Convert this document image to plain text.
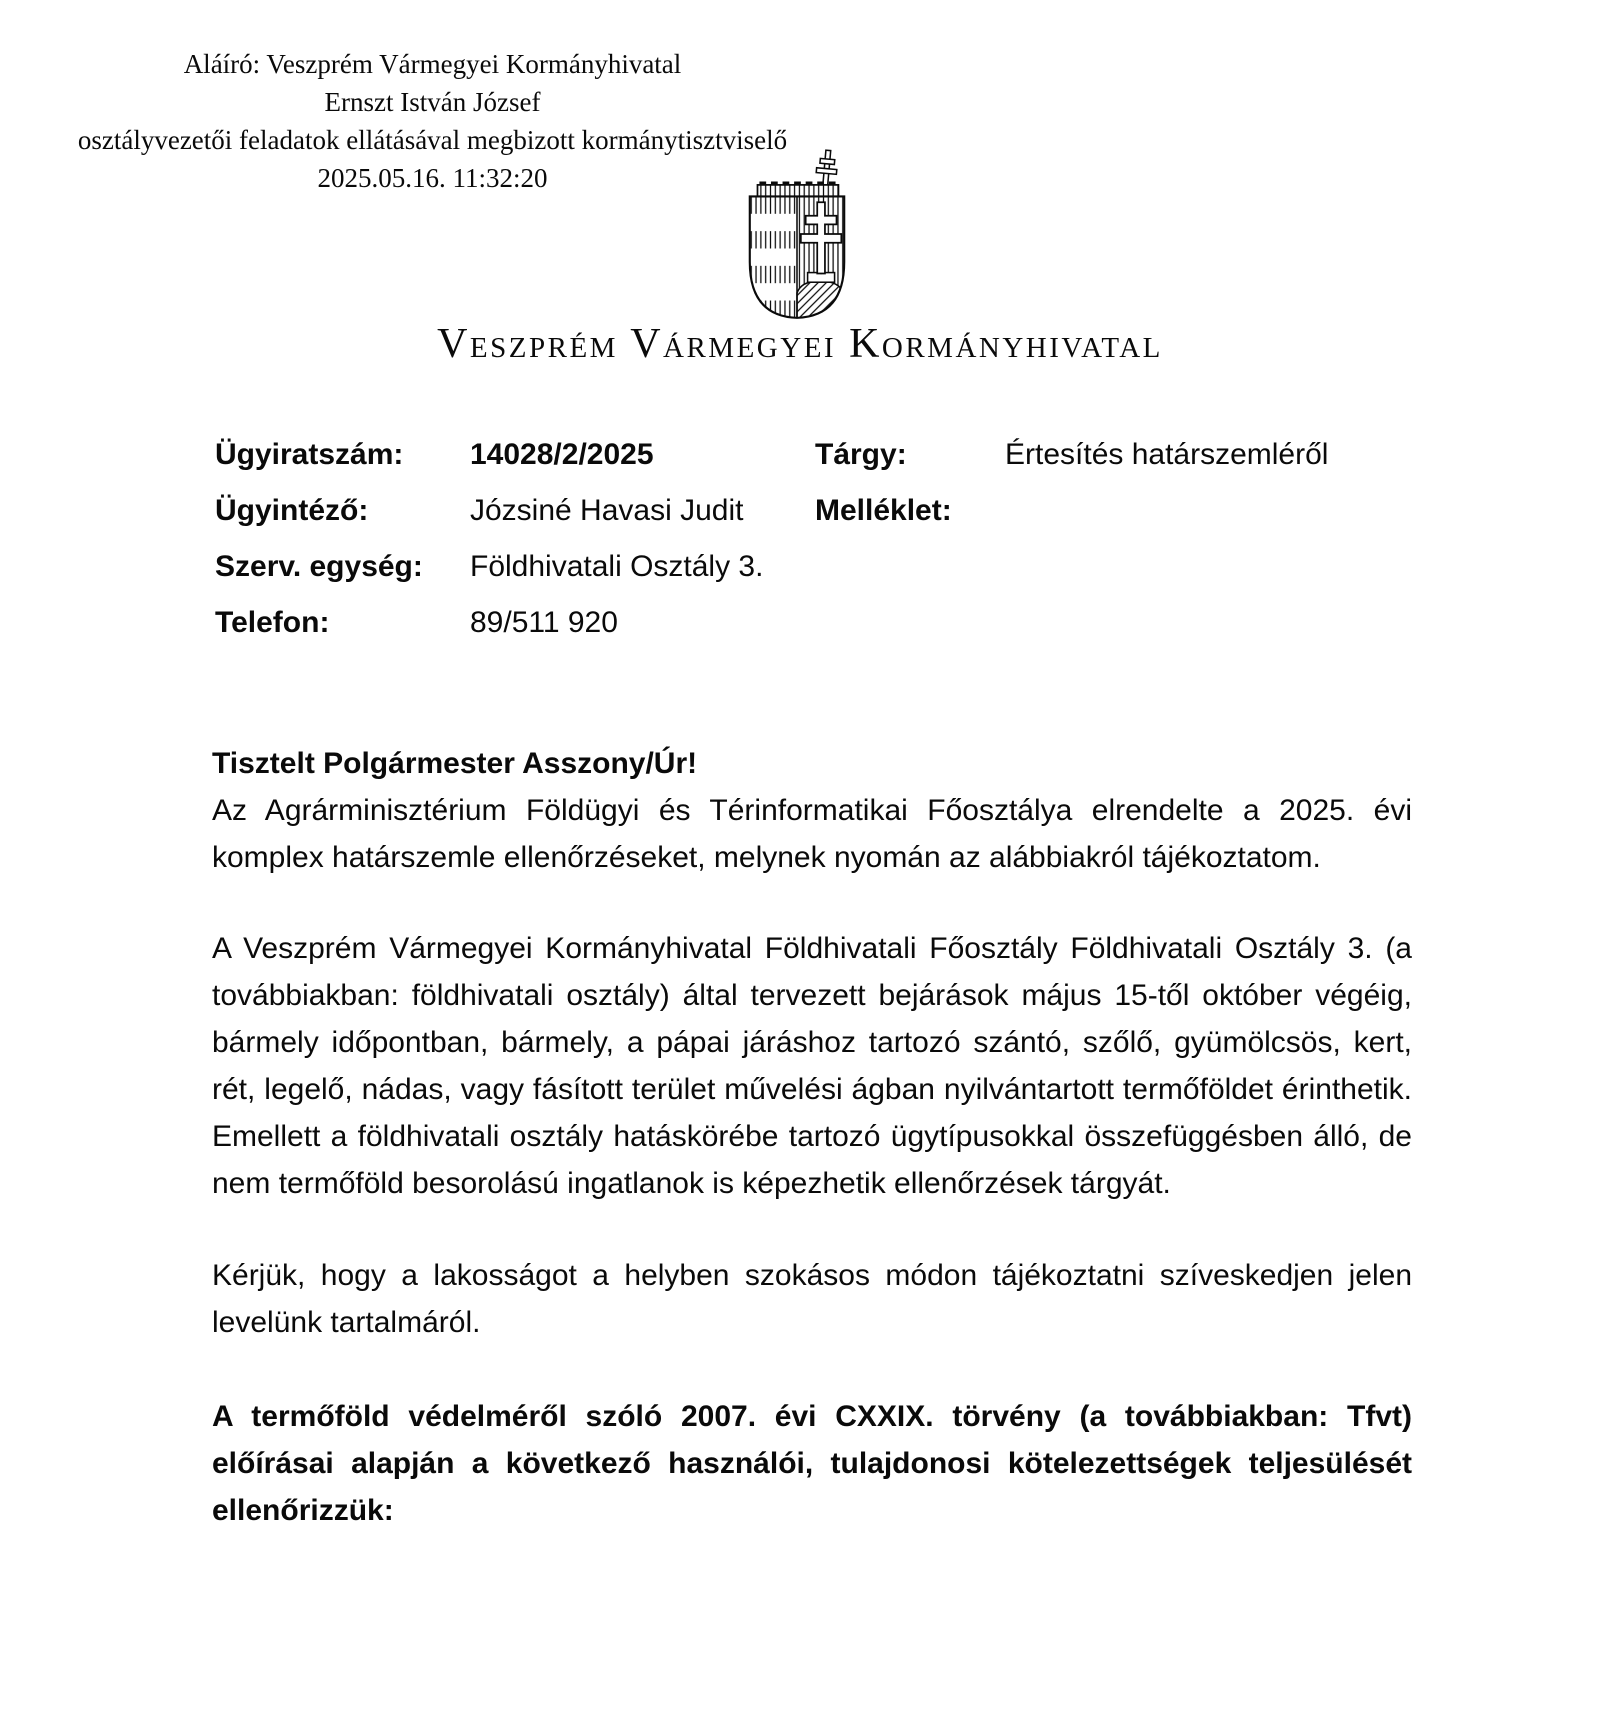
Aláíró: Veszprém Vármegyei Kormányhivatal
Ernszt István József
osztályvezetői feladatok ellátásával megbizott kormánytisztviselő
2025.05.16. 11:32:20
Veszprém Vármegyei Kormányhivatal
Ügyiratszám:	14028/2/2025	Tárgy:	Értesítés határszemléről
Ügyintéző:	Józsiné Havasi Judit	Melléklet:
Szerv. egység:	Földhivatali Osztály 3.
Telefon:	89/511 920

Tisztelt Polgármester Asszony/Úr!

Az Agrárminisztérium Földügyi és Térinformatikai Főosztálya elrendelte a 2025. évi komplex határszemle ellenőrzéseket, melynek nyomán az alábbiakról tájékoztatom.

A Veszprém Vármegyei Kormányhivatal Földhivatali Főosztály Földhivatali Osztály 3. (a továbbiakban: földhivatali osztály) által tervezett bejárások május 15-től október végéig, bármely időpontban, bármely, a pápai járáshoz tartozó szántó, szőlő, gyümölcsös, kert, rét, legelő, nádas, vagy fásított terület művelési ágban nyilvántartott termőföldet érinthetik. Emellett a földhivatali osztály hatáskörébe tartozó ügytípusokkal összefüggésben álló, de nem termőföld besorolású ingatlanok is képezhetik ellenőrzések tárgyát.

Kérjük, hogy a lakosságot a helyben szokásos módon tájékoztatni szíveskedjen jelen levelünk tartalmáról.

A termőföld védelméről szóló 2007. évi CXXIX. törvény (a továbbiakban: Tfvt) előírásai alapján a következő használói, tulajdonosi kötelezettségek teljesülését ellenőrizzük:
